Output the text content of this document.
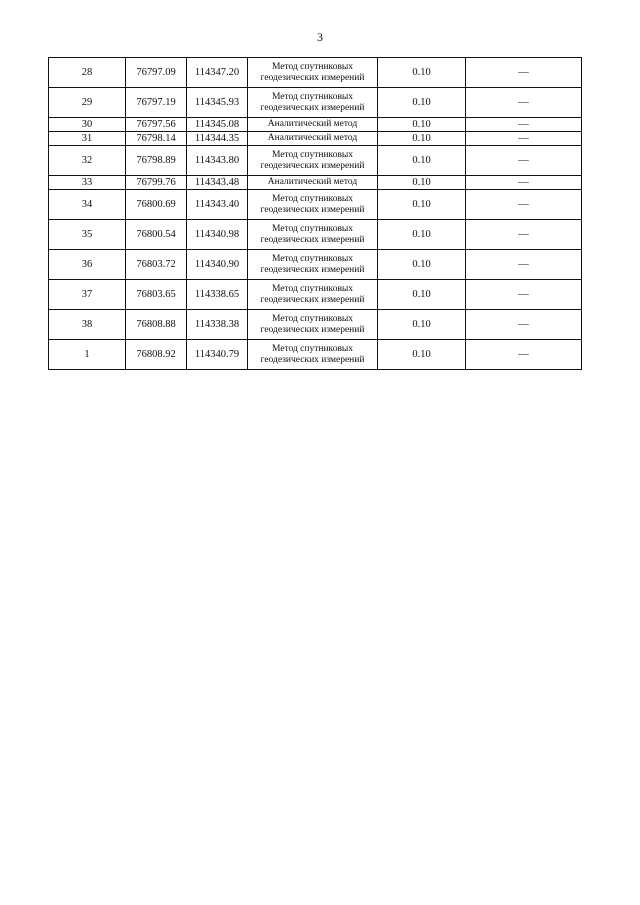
3
28	76797.09	114347.20	Метод спутниковых геодезических измерений	0.10	—
29	76797.19	114345.93	Метод спутниковых геодезических измерений	0.10	—
30	76797.56	114345.08	Аналитический метод	0.10	—
31	76798.14	114344.35	Аналитический метод	0.10	—
32	76798.89	114343.80	Метод спутниковых геодезических измерений	0.10	—
33	76799.76	114343.48	Аналитический метод	0.10	—
34	76800.69	114343.40	Метод спутниковых геодезических измерений	0.10	—
35	76800.54	114340.98	Метод спутниковых геодезических измерений	0.10	—
36	76803.72	114340.90	Метод спутниковых геодезических измерений	0.10	—
37	76803.65	114338.65	Метод спутниковых геодезических измерений	0.10	—
38	76808.88	114338.38	Метод спутниковых геодезических измерений	0.10	—
1	76808.92	114340.79	Метод спутниковых геодезических измерений	0.10	—
